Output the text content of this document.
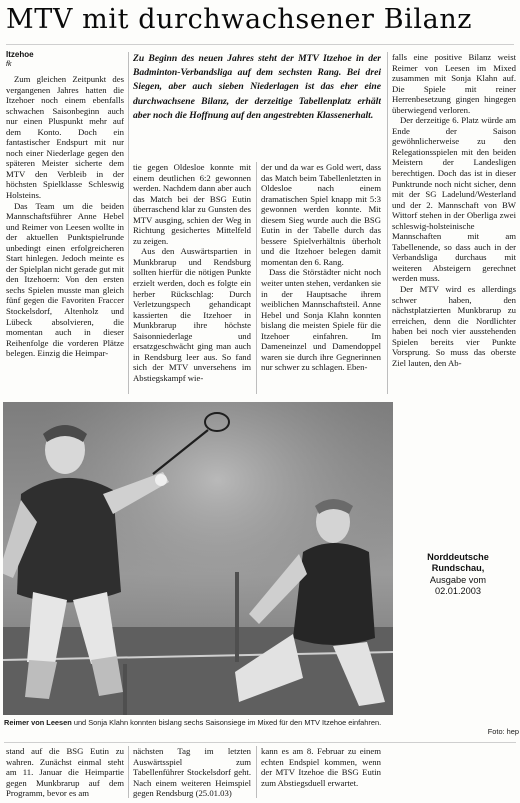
MTV mit durchwachsener Bilanz
Itzehoe
fk
Zu Beginn des neuen Jahres steht der MTV Itzehoe in der Badminton-Verbandsliga auf dem sechsten Rang. Bei drei Siegen, aber auch sieben Niederlagen ist das eher eine durchwachsene Bilanz, der derzeitige Tabellenplatz erhält aber noch die Hoffnung auf den angestrebten Klassenerhalt.

Zum gleichen Zeitpunkt des vergangenen Jahres hatten die Itzehoer noch einem ebenfalls schwachen Saisonbeginn auch nur einen Pluspunkt mehr auf dem Konto. Doch ein fantastischer Endspurt mit nur noch einer Niederlage gegen den späteren Meister sicherte dem MTV den Verbleib in der höchsten Spielklasse Schleswig Holsteins.

Das Team um die beiden Mannschaftsführer Anne Hebel und Reimer von Leesen wollte in der aktuellen Punktspielrunde unbedingt einen erfolgreicheren Start hinlegen. Jedoch meinte es der Spielplan nicht gerade gut mit den Itzehoern: Von den ersten sechs Spielen musste man gleich fünf gegen die Favoriten Fraccer Stockelsdorf, Altenholz und Lübeck absolvieren, die momentan auch in dieser Reihenfolge die vorderen Plätze belegen. Einzig die Heimpar-

tie gegen Oldesloe konnte mit einem deutlichen 6:2 gewonnen werden. Nachdem dann aber auch das Match bei der BSG Eutin überraschend klar zu Gunsten des MTV ausging, schien der Weg in Richtung gesichertes Mittelfeld zu zeigen.

Aus den Auswärtspartien in Munkbrarup und Rendsburg sollten hierfür die nötigen Punkte erzielt werden, doch es folgte ein herber Rückschlag: Durch Verletzungspech gehandicapt kassierten die Itzehoer in Munkbrarup ihre höchste Saisonniederlage und ersatzgeschwächt ging man auch in Rendsburg leer aus. So fand sich der MTV unversehens im Abstiegskampf wie-

der und da war es Gold wert, dass das Match beim Tabellenletzten in Oldesloe nach einem dramatischen Spiel knapp mit 5:3 gewonnen werden konnte. Mit diesem Sieg wurde auch die BSG Eutin in der Tabelle durch das bessere Spielverhältnis überholt und die Itzehoer belegen damit momentan den 6. Rang.

Dass die Störstädter nicht noch weiter unten stehen, verdanken sie in der Hauptsache ihrem weiblichen Mannschaftsteil. Anne Hebel und Sonja Klahn konnten bislang die meisten Spiele für die Itzehoer einfahren. Im Dameneinzel und Damendoppel waren sie durch ihre Gegnerinnen nur schwer zu schlagen. Eben-

falls eine positive Bilanz weist Reimer von Leesen im Mixed zusammen mit Sonja Klahn auf. Die Spiele mit reiner Herrenbesetzung gingen hingegen überwiegend verloren.

Der derzeitige 6. Platz würde am Ende der Saison gewöhnlicherweise zu den Relegationsspielen mit den beiden Meistern der Landesligen berechtigen. Doch das ist in dieser Punktrunde noch nicht sicher, denn mit der SG Ladelund/Westerland und der 2. Mannschaft von BW Wittorf stehen in der Oberliga zwei schleswig-holsteinische Mannschaften mit am Tabellenende, so dass auch in der Verbandsliga durchaus mit weiteren Absteigern gerechnet werden muss.

Der MTV wird es allerdings schwer haben, den nächstplatzierten Munkbrarup zu erreichen, denn die Nordlichter haben bei noch vier ausstehenden Spielen bereits vier Punkte Vorsprung. So muss das oberste Ziel lauten, den Ab-

Reimer von Leesen und Sonja Klahn konnten bislang sechs Saisonsiege im Mixed für den MTV Itzehoe einfahren.
Foto: hep
Norddeutsche Rundschau,
Ausgabe vom
02.01.2003

stand auf die BSG Eutin zu wahren. Zunächst einmal steht am 11. Januar die Heimpartie gegen Munkbrarup auf dem Programm, bevor es am

nächsten Tag im letzten Auswärtsspiel zum Tabellenführer Stockelsdorf geht. Nach einem weiteren Heimspiel gegen Rendsburg (25.01.03)

kann es am 8. Februar zu einem echten Endspiel kommen, wenn der MTV Itzehoe die BSG Eutin zum Abstiegsduell erwartet.
